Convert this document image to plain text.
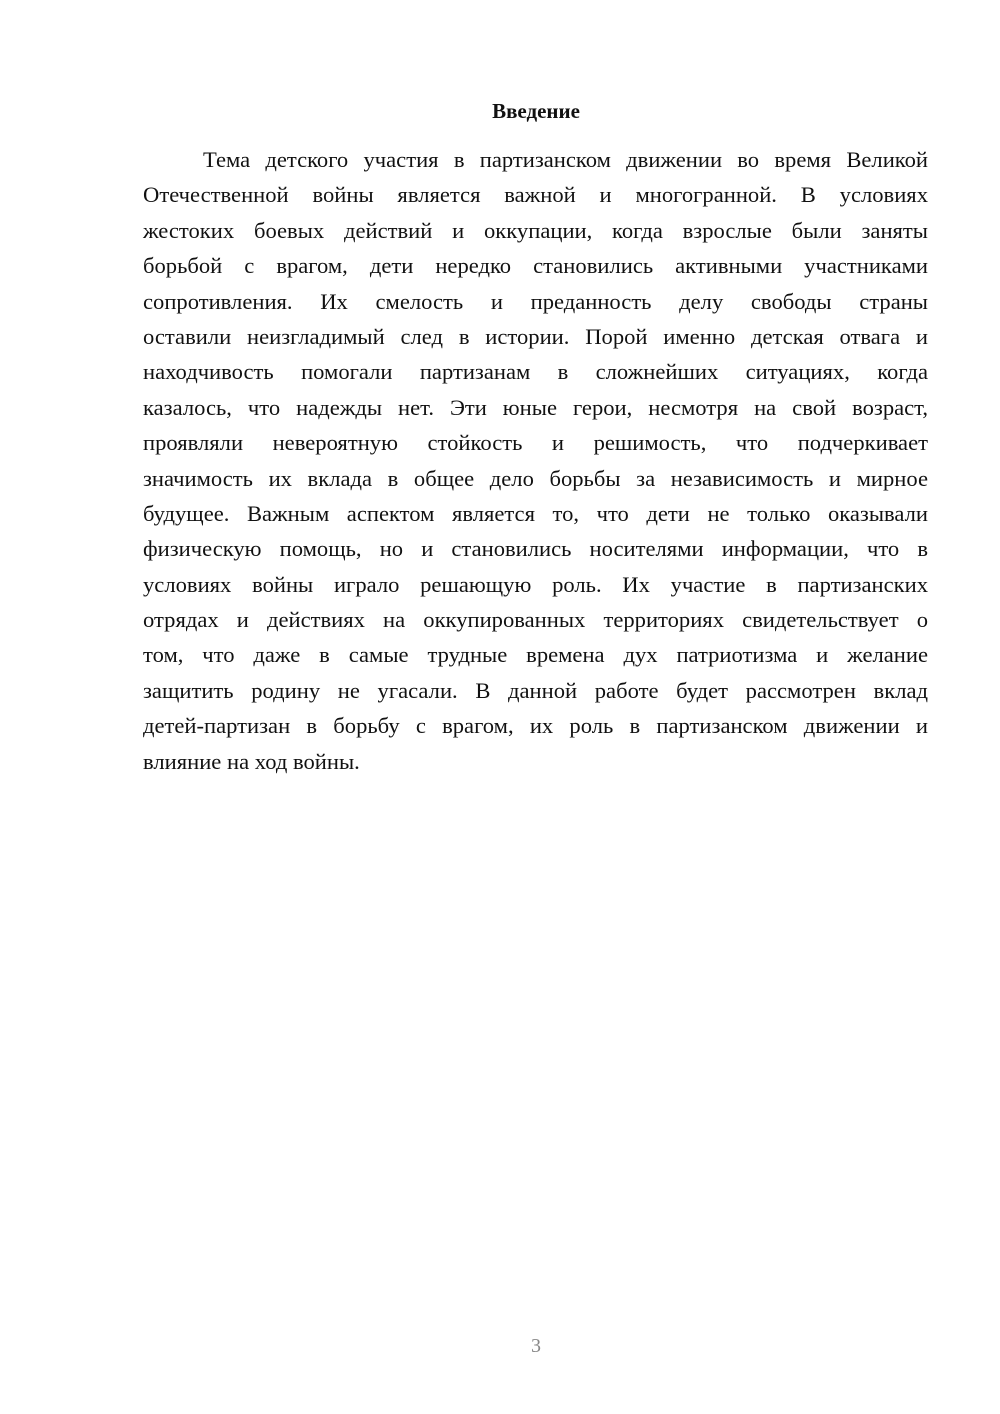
Введение
Тема детского участия в партизанском движении во время Великой
Отечественной войны является важной и многогранной. В условиях
жестоких боевых действий и оккупации, когда взрослые были заняты
борьбой с врагом, дети нередко становились активными участниками
сопротивления. Их смелость и преданность делу свободы страны
оставили неизгладимый след в истории. Порой именно детская отвага и
находчивость помогали партизанам в сложнейших ситуациях, когда
казалось, что надежды нет. Эти юные герои, несмотря на свой возраст,
проявляли невероятную стойкость и решимость, что подчеркивает
значимость их вклада в общее дело борьбы за независимость и мирное
будущее. Важным аспектом является то, что дети не только оказывали
физическую помощь, но и становились носителями информации, что в
условиях войны играло решающую роль. Их участие в партизанских
отрядах и действиях на оккупированных территориях свидетельствует о
том, что даже в самые трудные времена дух патриотизма и желание
защитить родину не угасали. В данной работе будет рассмотрен вклад
детей-партизан в борьбу с врагом, их роль в партизанском движении и
влияние на ход войны.
3
